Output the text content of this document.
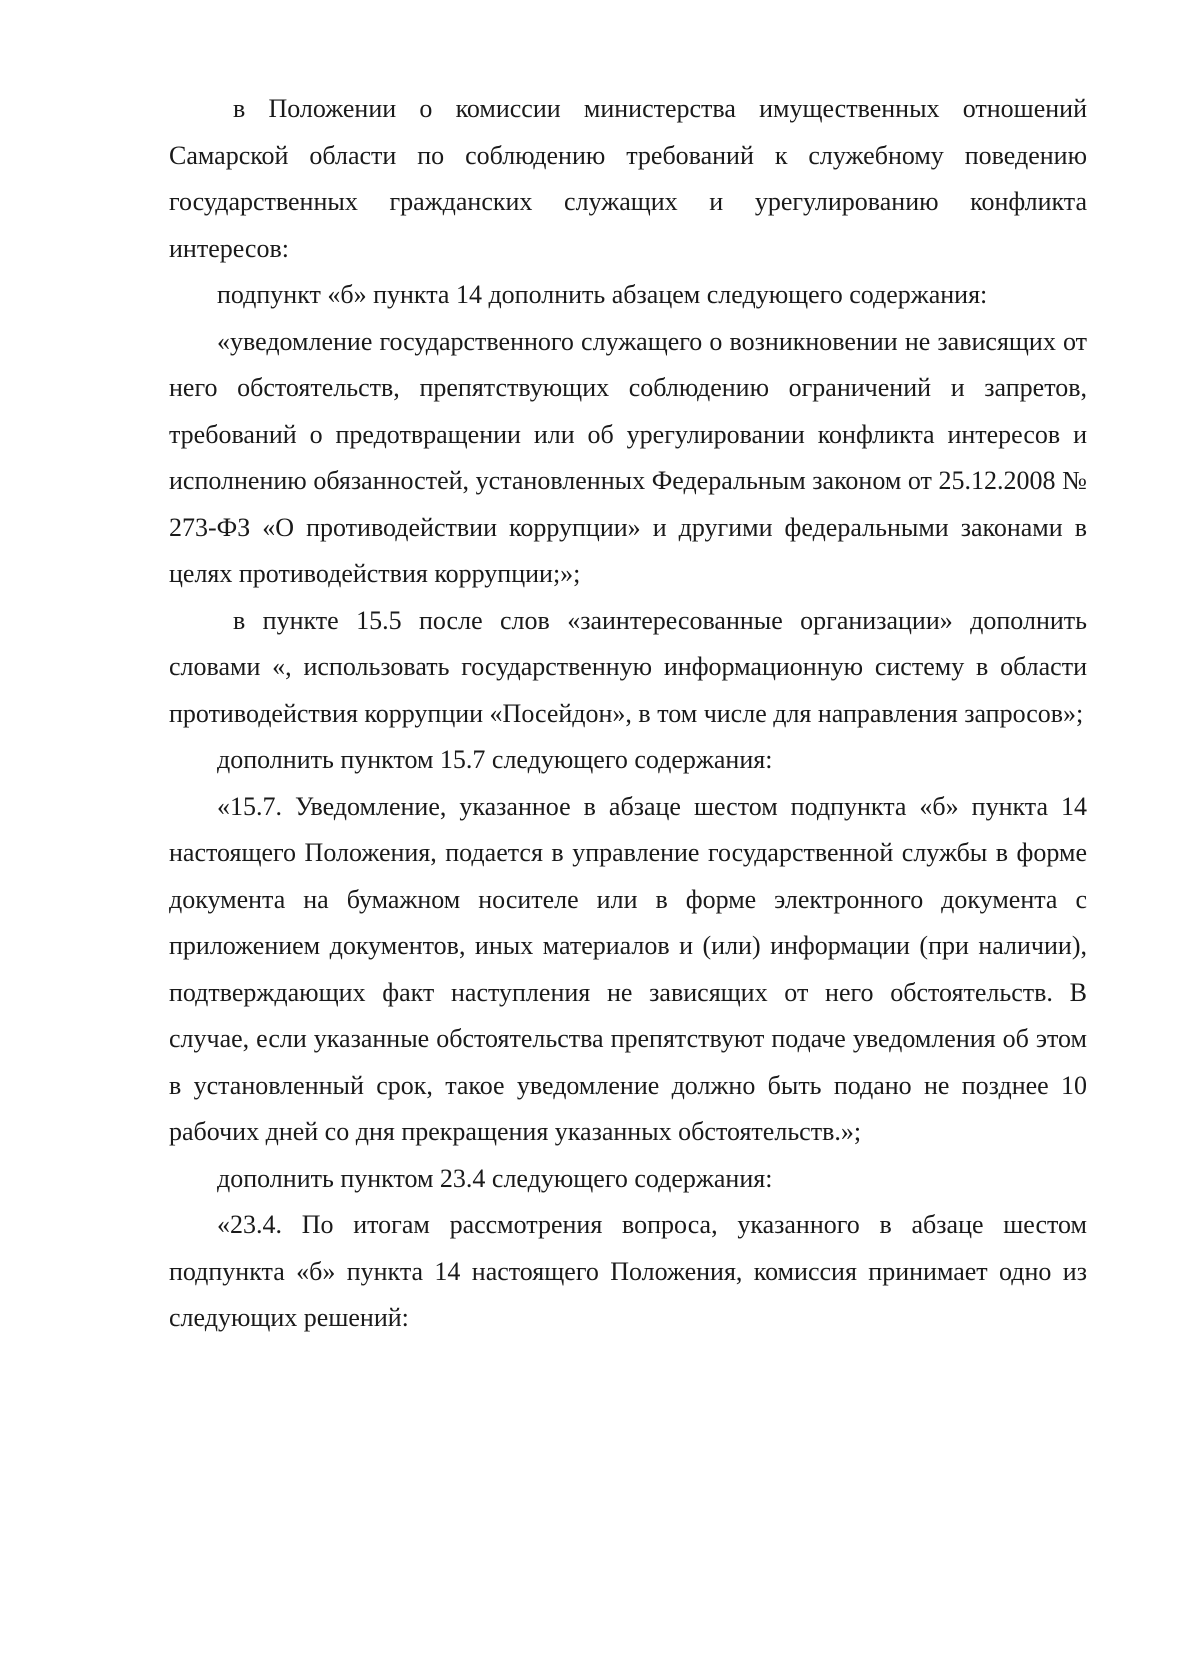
в Положении о комиссии министерства имущественных отношений Самарской области по соблюдению требований к служебному поведению государственных гражданских служащих и урегулированию конфликта интересов:

подпункт «б» пункта 14 дополнить абзацем следующего содержания:

«уведомление государственного служащего о возникновении не зависящих от него обстоятельств, препятствующих соблюдению ограничений и запретов, требований о предотвращении или об урегулировании конфликта интересов и исполнению обязанностей, установленных Федеральным законом от 25.12.2008 № 273-ФЗ «О противодействии коррупции» и другими федеральными законами в целях противодействия коррупции;»;

в пункте 15.5 после слов «заинтересованные организации» дополнить словами «, использовать государственную информационную систему в области противодействия коррупции «Посейдон», в том числе для направления запросов»;

дополнить пунктом 15.7 следующего содержания:

«15.7. Уведомление, указанное в абзаце шестом подпункта «б» пункта 14 настоящего Положения, подается в управление государственной службы в форме документа на бумажном носителе или в форме электронного документа с приложением документов, иных материалов и (или) информации (при наличии), подтверждающих факт наступления не зависящих от него обстоятельств. В случае, если указанные обстоятельства препятствуют подаче уведомления об этом в установленный срок, такое уведомление должно быть подано не позднее 10 рабочих дней со дня прекращения указанных обстоятельств.»;

дополнить пунктом 23.4 следующего содержания:

«23.4. По итогам рассмотрения вопроса, указанного в абзаце шестом подпункта «б» пункта 14 настоящего Положения, комиссия принимает одно из следующих решений:
